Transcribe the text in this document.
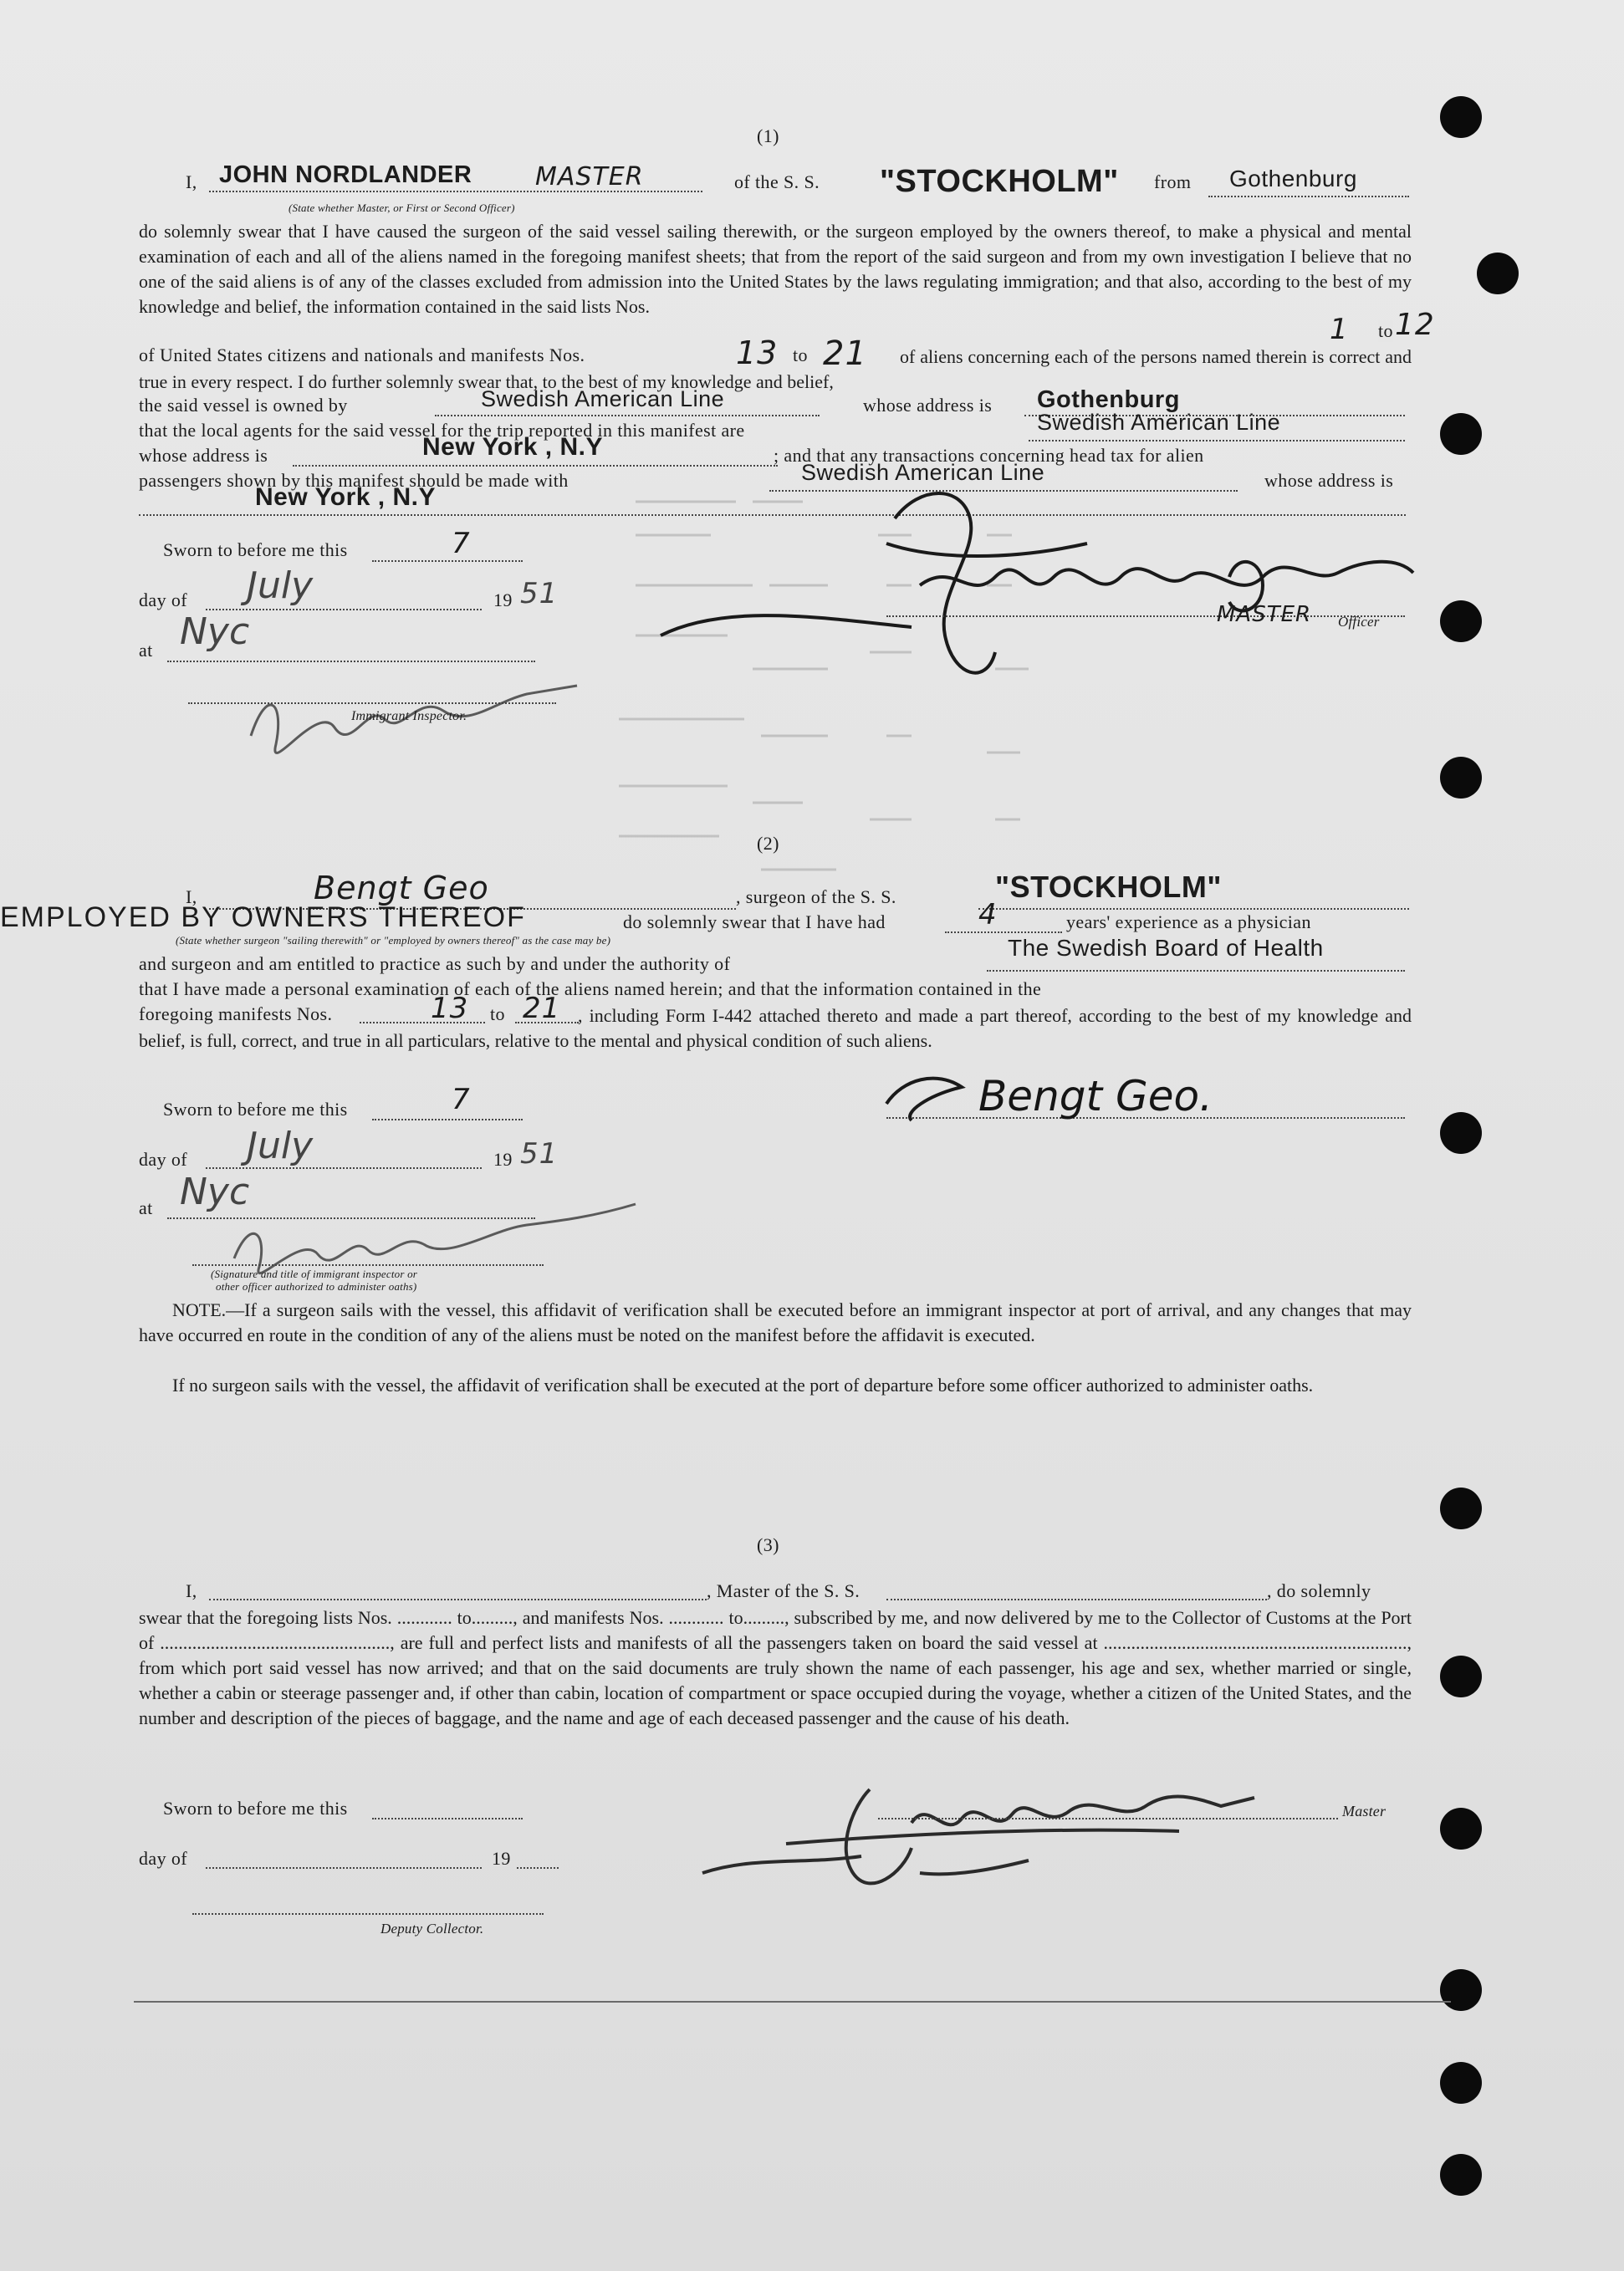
(1)
I, JOHN NORDLANDER	MASTER	of the S. S. "STOCKHOLM" from Gothenburg
(State whether Master, or First or Second Officer)
do solemnly swear that I have caused the surgeon of the said vessel sailing therewith, or the surgeon employed by the owners thereof, to make a physical and mental examination of each and all of the aliens named in the foregoing manifest sheets; that from the report of the said surgeon and from my own investigation I believe that no one of the said aliens is of any of the classes excluded from admission into the United States by the laws regulating immigration; and that also, according to the best of my knowledge and belief, the information contained in the said lists Nos.
1 to 12
of United States citizens and nationals and manifests Nos.	13 to 21	of aliens concerning each of the persons named therein is correct and true in every respect. I do further solemnly swear that, to the best of my knowledge and belief,
the said vessel is owned by	Swedish American Line	whose address is Gothenburg
that the local agents for the said vessel for the trip reported in this manifest are	Swedish American Line
whose address is	New York , N.Y	; and that any transactions concerning head tax for alien
passengers shown by this manifest should be made with	Swedish American Line	whose address is
New York , N.Y
Sworn to before me this	7
day of July	19 51
at Nyc
Immigrant Inspector.
MASTER Officer
(2)
I,	Bengt Geo	, surgeon of the S. S.	"STOCKHOLM"
EMPLOYED BY OWNERS THEREOF	do solemnly swear that I have had	4	years' experience as a physician
(State whether surgeon "sailing therewith" or "employed by owners thereof" as the case may be)
and surgeon and am entitled to practice as such by and under the authority of
The Swedish Board of Health
that I have made a personal examination of each of the aliens named herein; and that the information contained in the
foregoing manifests Nos.	13 to 21 , including Form I-442 attached thereto and made a part thereof, according to the best of my knowledge and belief, is full, correct, and true in all particulars, relative to the mental and physical condition of such aliens.
Sworn to before me this	7
day of July	19 51
at Nyc
(Signature and title of immigrant inspector or
other officer authorized to administer oaths)
Bengt Geo.
NOTE.—If a surgeon sails with the vessel, this affidavit of verification shall be executed before an immigrant inspector at port of arrival, and any changes that may have occurred en route in the condition of any of the aliens must be noted on the manifest before the affidavit is executed.
If no surgeon sails with the vessel, the affidavit of verification shall be executed at the port of departure before some officer authorized to administer oaths.
(3)
I,	, Master of the S. S.	, do solemnly
swear that the foregoing lists Nos. ............ to........., and manifests Nos. ............ to........., subscribed by me, and now delivered by me to the Collector of Customs at the Port of .................................................., are full and perfect lists and manifests of all the passengers taken on board the said vessel at .................................................................., from which port said vessel has now arrived; and that on the said documents are truly shown the name of each passenger, his age and sex, whether married or single, whether a cabin or steerage passenger and, if other than cabin, location of compartment or space occupied during the voyage, whether a citizen of the United States, and the number and description of the pieces of baggage, and the name and age of each deceased passenger and the cause of his death.
Sworn to before me this	Master
day of	19
Deputy Collector.
